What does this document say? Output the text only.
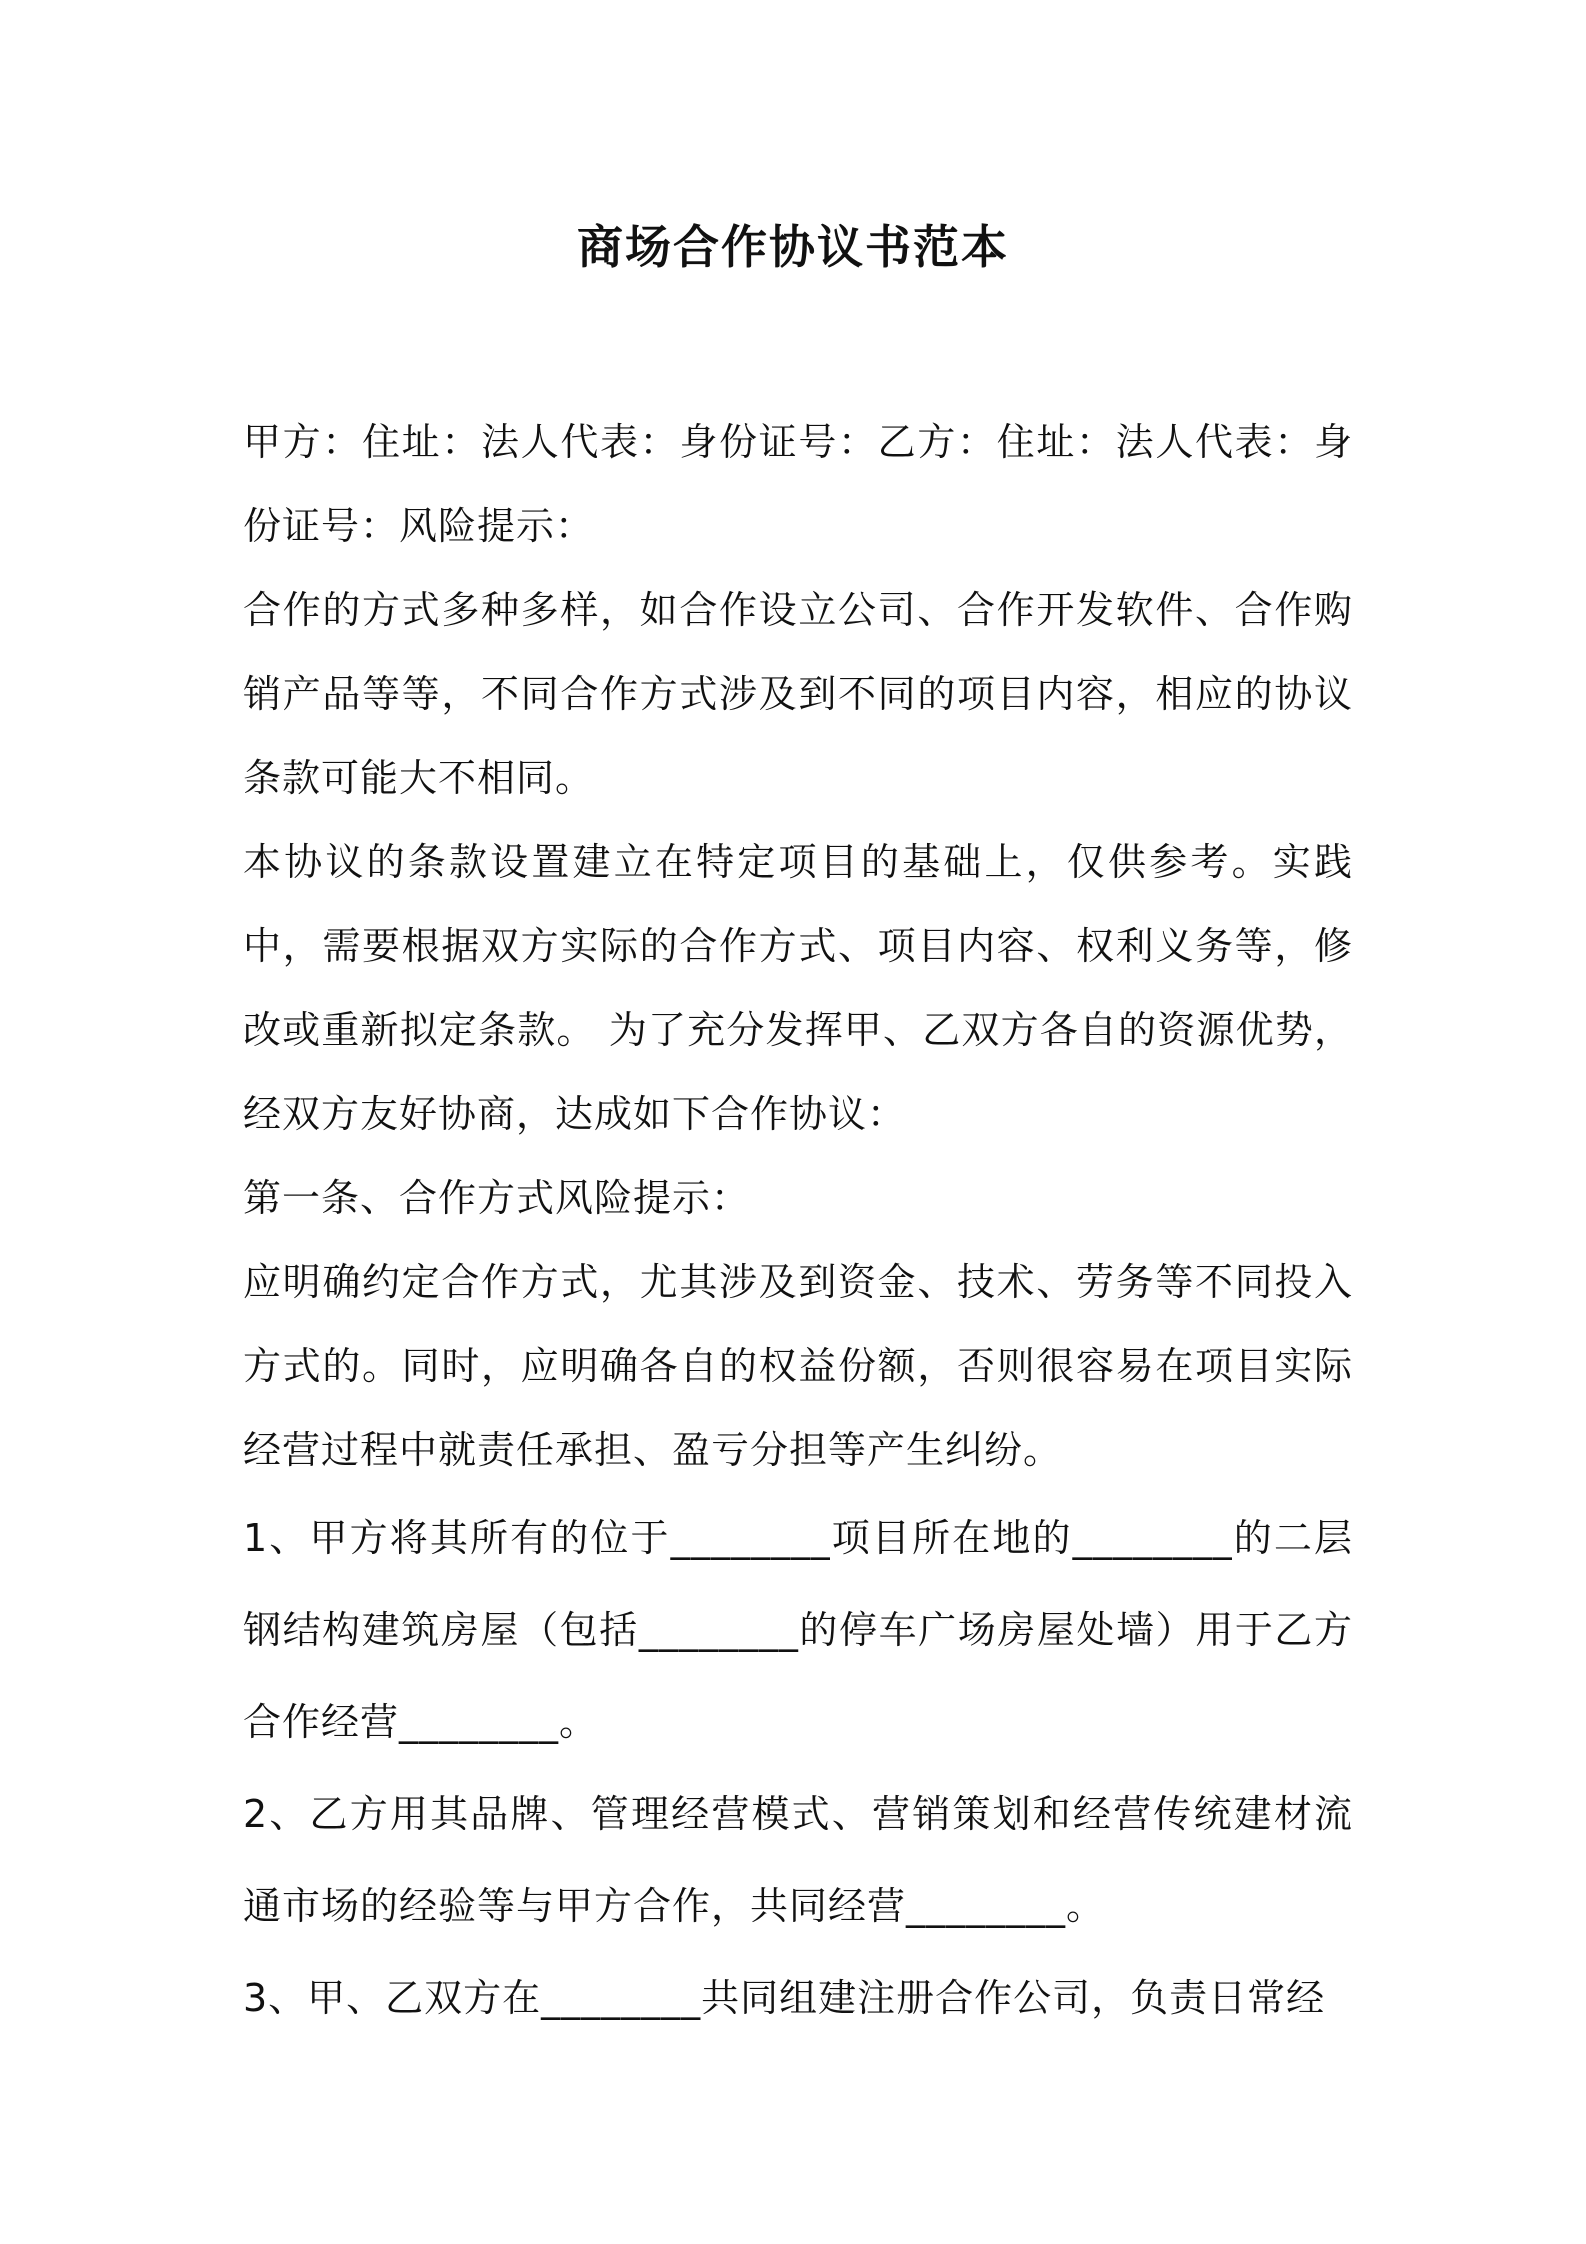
商场合作协议书范本

甲方：住址：法人代表：身份证号：乙方：住址：法人代表：身份证号：风险提示：

合作的方式多种多样，如合作设立公司、合作开发软件、合作购销产品等等，不同合作方式涉及到不同的项目内容，相应的协议条款可能大不相同。

本协议的条款设置建立在特定项目的基础上，仅供参考。实践中，需要根据双方实际的合作方式、项目内容、权利义务等，修改或重新拟定条款。 为了充分发挥甲、乙双方各自的资源优势，经双方友好协商，达成如下合作协议：

第一条、合作方式风险提示：

应明确约定合作方式，尤其涉及到资金、技术、劳务等不同投入方式的。同时，应明确各自的权益份额，否则很容易在项目实际经营过程中就责任承担、盈亏分担等产生纠纷。

1、甲方将其所有的位于________项目所在地的________的二层钢结构建筑房屋（包括________的停车广场房屋处墙）用于乙方合作经营________。

2、乙方用其品牌、管理经营模式、营销策划和经营传统建材流通市场的经验等与甲方合作，共同经营________。

3、甲、乙双方在________共同组建注册合作公司，负责日常经
